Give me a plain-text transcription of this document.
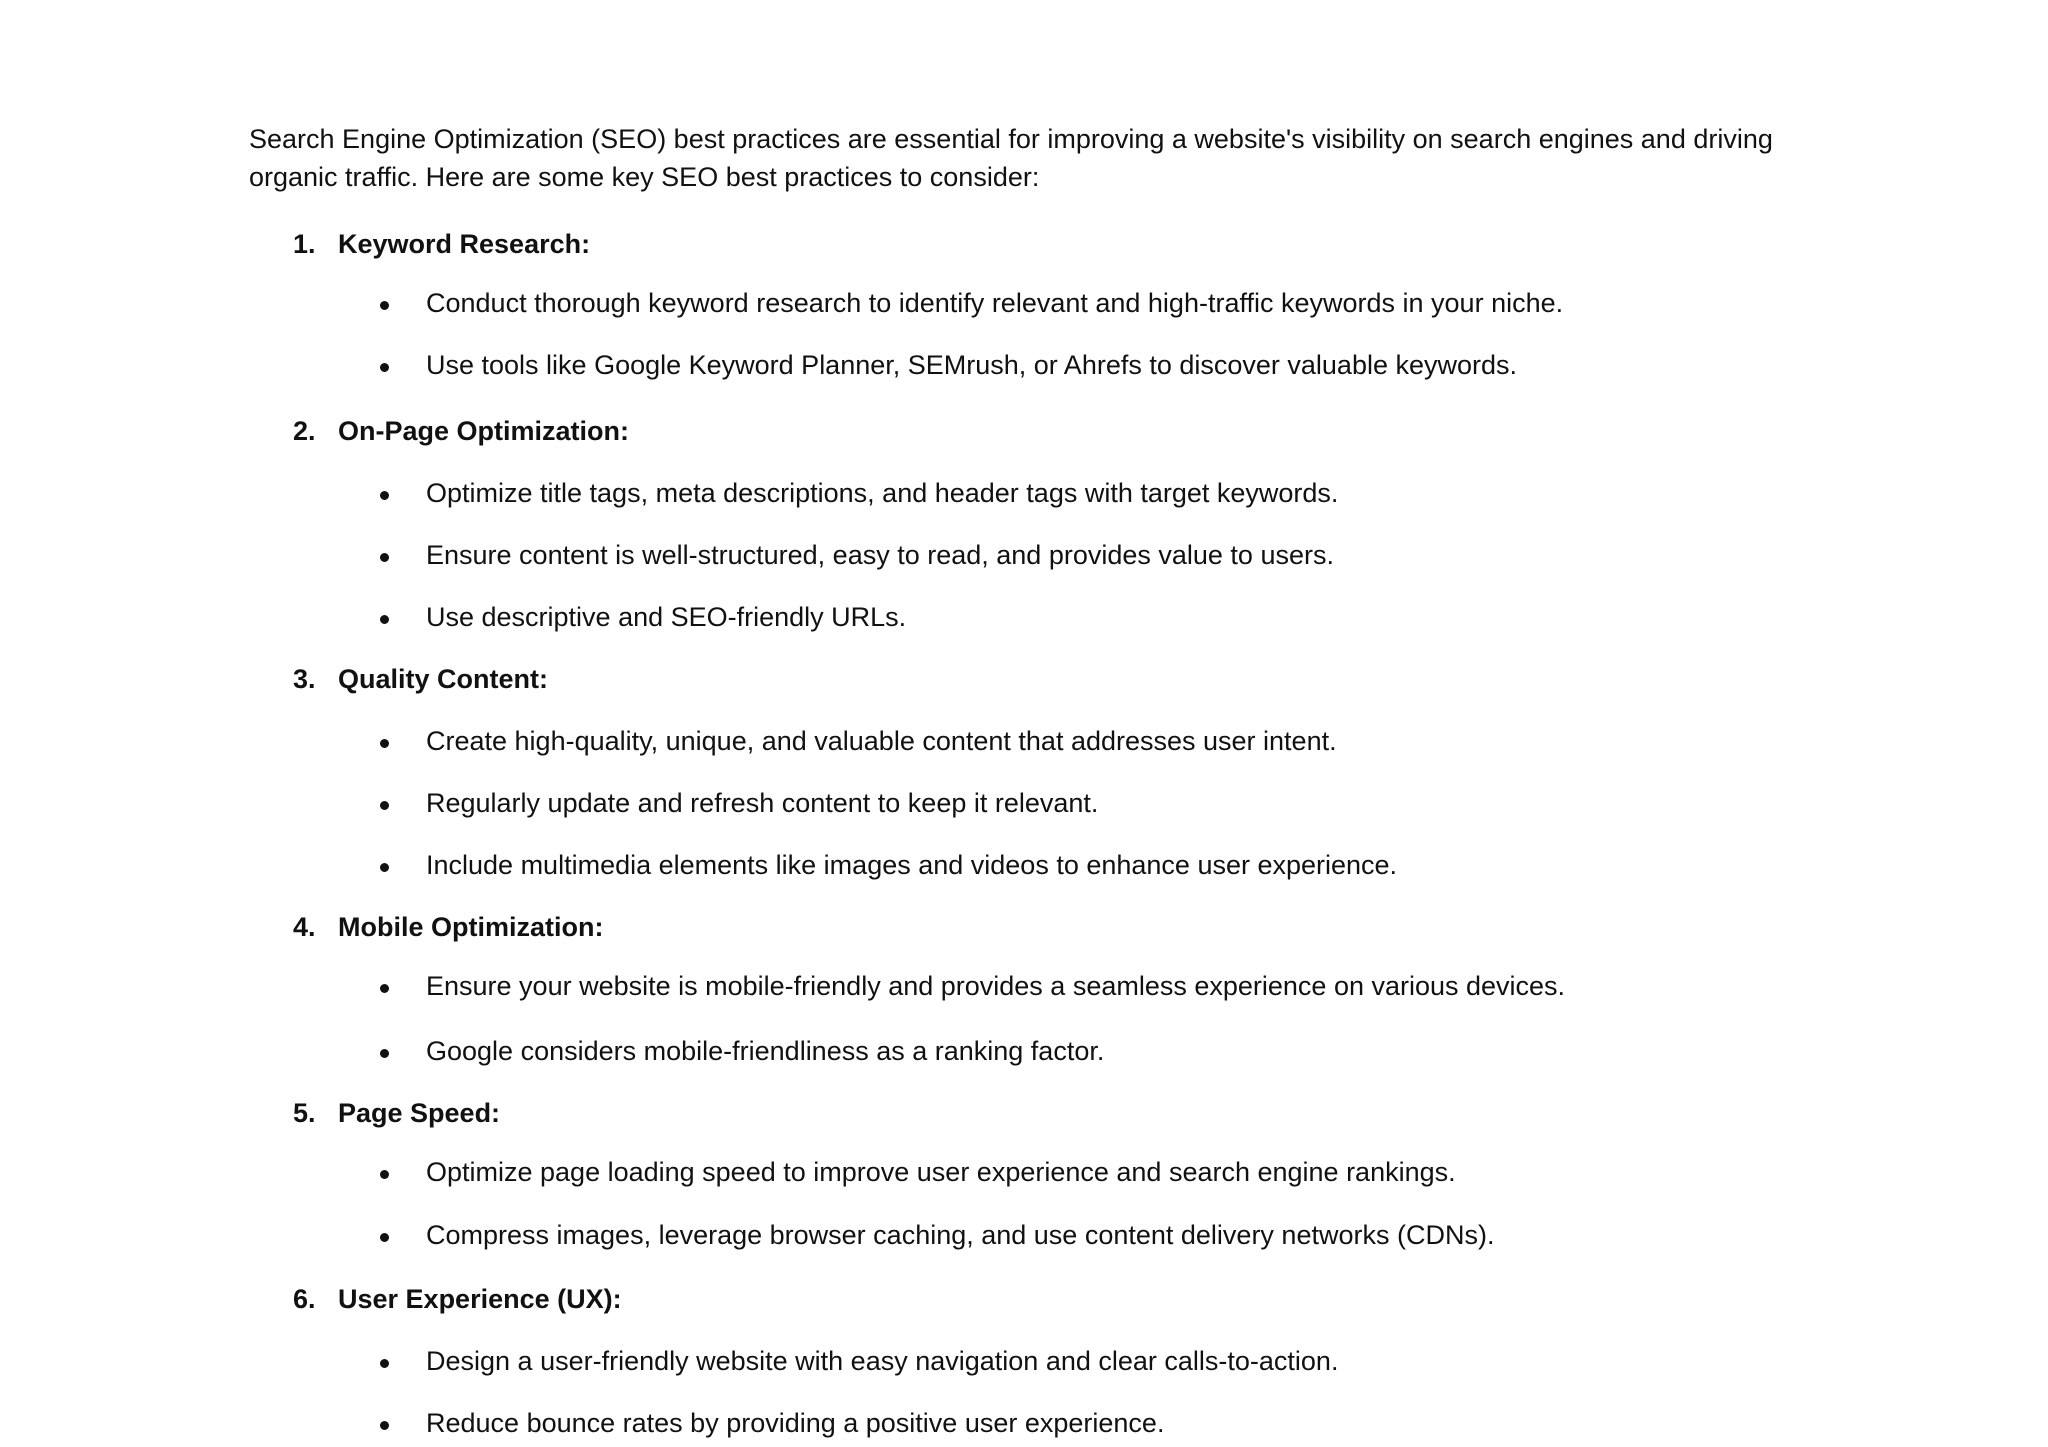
Search Engine Optimization (SEO) best practices are essential for improving a website's visibility on search engines and driving organic traffic. Here are some key SEO best practices to consider:

1. Keyword Research:
Conduct thorough keyword research to identify relevant and high-traffic keywords in your niche.
Use tools like Google Keyword Planner, SEMrush, or Ahrefs to discover valuable keywords.
2. On-Page Optimization:
Optimize title tags, meta descriptions, and header tags with target keywords.
Ensure content is well-structured, easy to read, and provides value to users.
Use descriptive and SEO-friendly URLs.
3. Quality Content:
Create high-quality, unique, and valuable content that addresses user intent.
Regularly update and refresh content to keep it relevant.
Include multimedia elements like images and videos to enhance user experience.
4. Mobile Optimization:
Ensure your website is mobile-friendly and provides a seamless experience on various devices.
Google considers mobile-friendliness as a ranking factor.
5. Page Speed:
Optimize page loading speed to improve user experience and search engine rankings.
Compress images, leverage browser caching, and use content delivery networks (CDNs).
6. User Experience (UX):
Design a user-friendly website with easy navigation and clear calls-to-action.
Reduce bounce rates by providing a positive user experience.
